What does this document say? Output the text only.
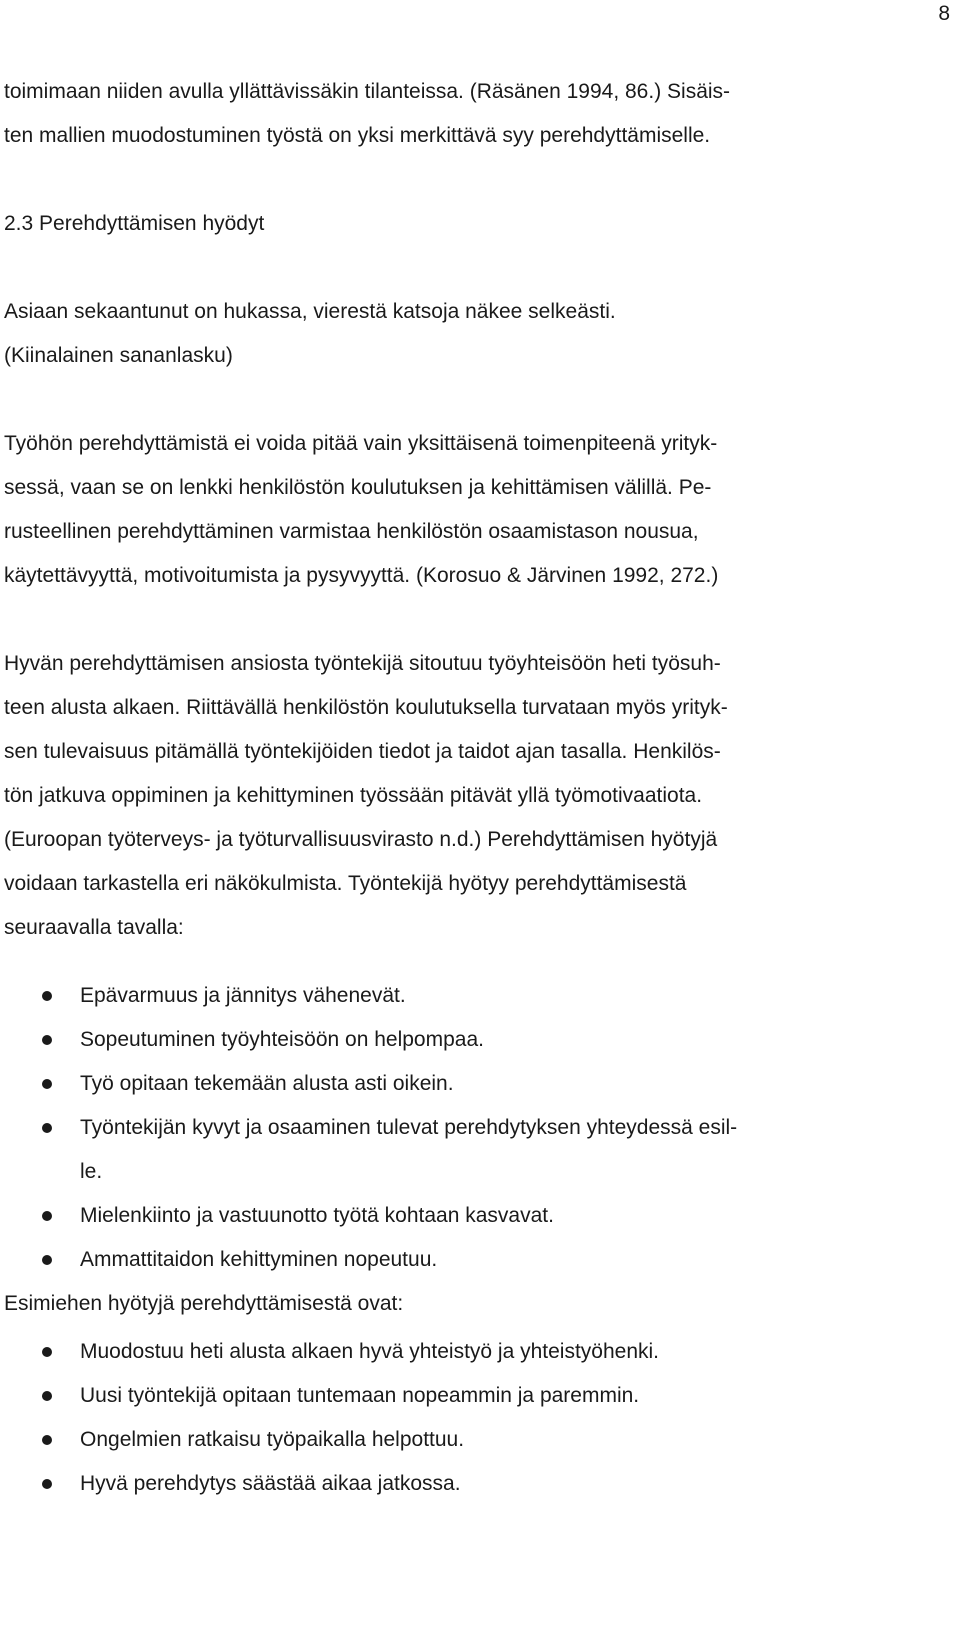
8

toimimaan niiden avulla yllättävissäkin tilanteissa. (Räsänen 1994, 86.) Sisäis-

ten mallien muodostuminen työstä on yksi merkittävä syy perehdyttämiselle.

2.3 Perehdyttämisen hyödyt

Asiaan sekaantunut on hukassa, vierestä katsoja näkee selkeästi.

(Kiinalainen sananlasku)

Työhön perehdyttämistä ei voida pitää vain yksittäisenä toimenpiteenä yrityk-

sessä, vaan se on lenkki henkilöstön koulutuksen ja kehittämisen välillä. Pe-

rusteellinen perehdyttäminen varmistaa henkilöstön osaamistason nousua,

käytettävyyttä, motivoitumista ja pysyvyyttä. (Korosuo & Järvinen 1992, 272.)

Hyvän perehdyttämisen ansiosta työntekijä sitoutuu työyhteisöön heti työsuh-

teen alusta alkaen. Riittävällä henkilöstön koulutuksella turvataan myös yrityk-

sen tulevaisuus pitämällä työntekijöiden tiedot ja taidot ajan tasalla. Henkilös-

tön jatkuva oppiminen ja kehittyminen työssään pitävät yllä työmotivaatiota.

(Euroopan työterveys- ja työturvallisuusvirasto n.d.) Perehdyttämisen hyötyjä

voidaan tarkastella eri näkökulmista. Työntekijä hyötyy perehdyttämisestä

seuraavalla tavalla:

Epävarmuus ja jännitys vähenevät.

Sopeutuminen työyhteisöön on helpompaa.

Työ opitaan tekemään alusta asti oikein.

Työntekijän kyvyt ja osaaminen tulevat perehdytyksen yhteydessä esil-

le.

Mielenkiinto ja vastuunotto työtä kohtaan kasvavat.

Ammattitaidon kehittyminen nopeutuu.

Esimiehen hyötyjä perehdyttämisestä ovat:

Muodostuu heti alusta alkaen hyvä yhteistyö ja yhteistyöhenki.

Uusi työntekijä opitaan tuntemaan nopeammin ja paremmin.

Ongelmien ratkaisu työpaikalla helpottuu.

Hyvä perehdytys säästää aikaa jatkossa.
